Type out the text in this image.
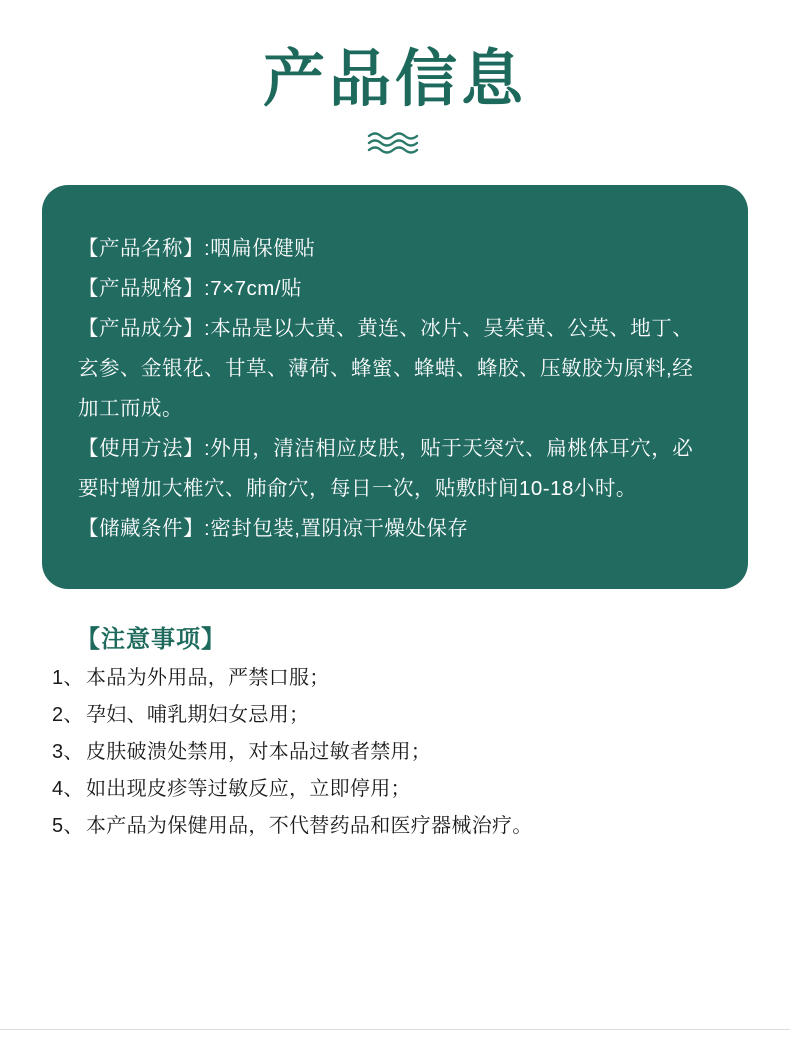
产品信息
【产品名称】:咽扁保健贴
【产品规格】:7×7cm/贴
【产品成分】:本品是以大黄、黄连、冰片、吴茱黄、公英、地丁、玄参、金银花、甘草、薄荷、蜂蜜、蜂蜡、蜂胶、压敏胶为原料,经加工而成。
【使用方法】:外用，清洁相应皮肤，贴于天突穴、扁桃体耳穴，必要时增加大椎穴、肺俞穴，每日一次，贴敷时间10-18小时。
【储藏条件】:密封包装,置阴凉干燥处保存
【注意事项】
1、 本品为外用品，严禁口服；
2、 孕妇、哺乳期妇女忌用；
3、 皮肤破溃处禁用，对本品过敏者禁用；
4、 如出现皮疹等过敏反应，立即停用；
5、 本产品为保健用品，不代替药品和医疗器械治疗。
